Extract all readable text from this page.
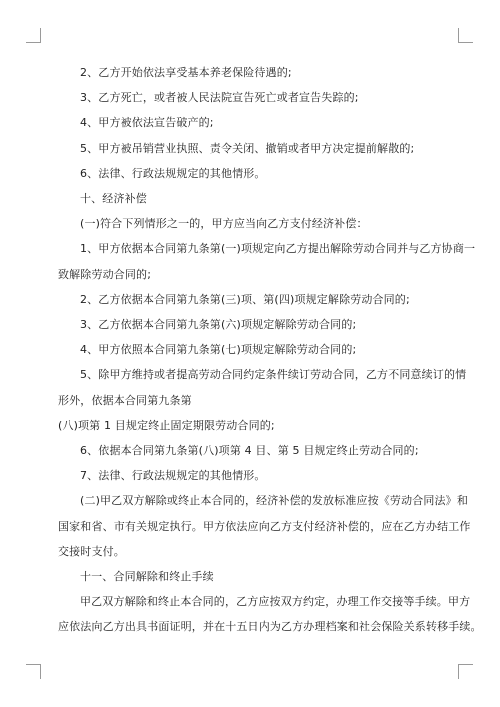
2、乙方开始依法享受基本养老保险待遇的;

3、乙方死亡，或者被人民法院宣告死亡或者宣告失踪的;

4、甲方被依法宣告破产的;

5、甲方被吊销营业执照、责令关闭、撤销或者甲方决定提前解散的;

6、法律、行政法规规定的其他情形。

十、经济补偿

(一)符合下列情形之一的，甲方应当向乙方支付经济补偿：

1、甲方依据本合同第九条第(一)项规定向乙方提出解除劳动合同并与乙方协商一
致解除劳动合同的;

2、乙方依据本合同第九条第(三)项、第(四)项规定解除劳动合同的;

3、乙方依据本合同第九条第(六)项规定解除劳动合同的;

4、甲方依照本合同第九条第(七)项规定解除劳动合同的;

5、除甲方维持或者提高劳动合同约定条件续订劳动合同，乙方不同意续订的情
形外，依据本合同第九条第

(八)项第 1 目规定终止固定期限劳动合同的;

6、依据本合同第九条第(八)项第 4 目、第 5 目规定终止劳动合同的;

7、法律、行政法规规定的其他情形。

(二)甲乙双方解除或终止本合同的，经济补偿的发放标准应按《劳动合同法》和
国家和省、市有关规定执行。甲方依法应向乙方支付经济补偿的，应在乙方办结工作
交接时支付。

十一、合同解除和终止手续

甲乙双方解除和终止本合同的，乙方应按双方约定，办理工作交接等手续。甲方
应依法向乙方出具书面证明，并在十五日内为乙方办理档案和社会保险关系转移手续。
